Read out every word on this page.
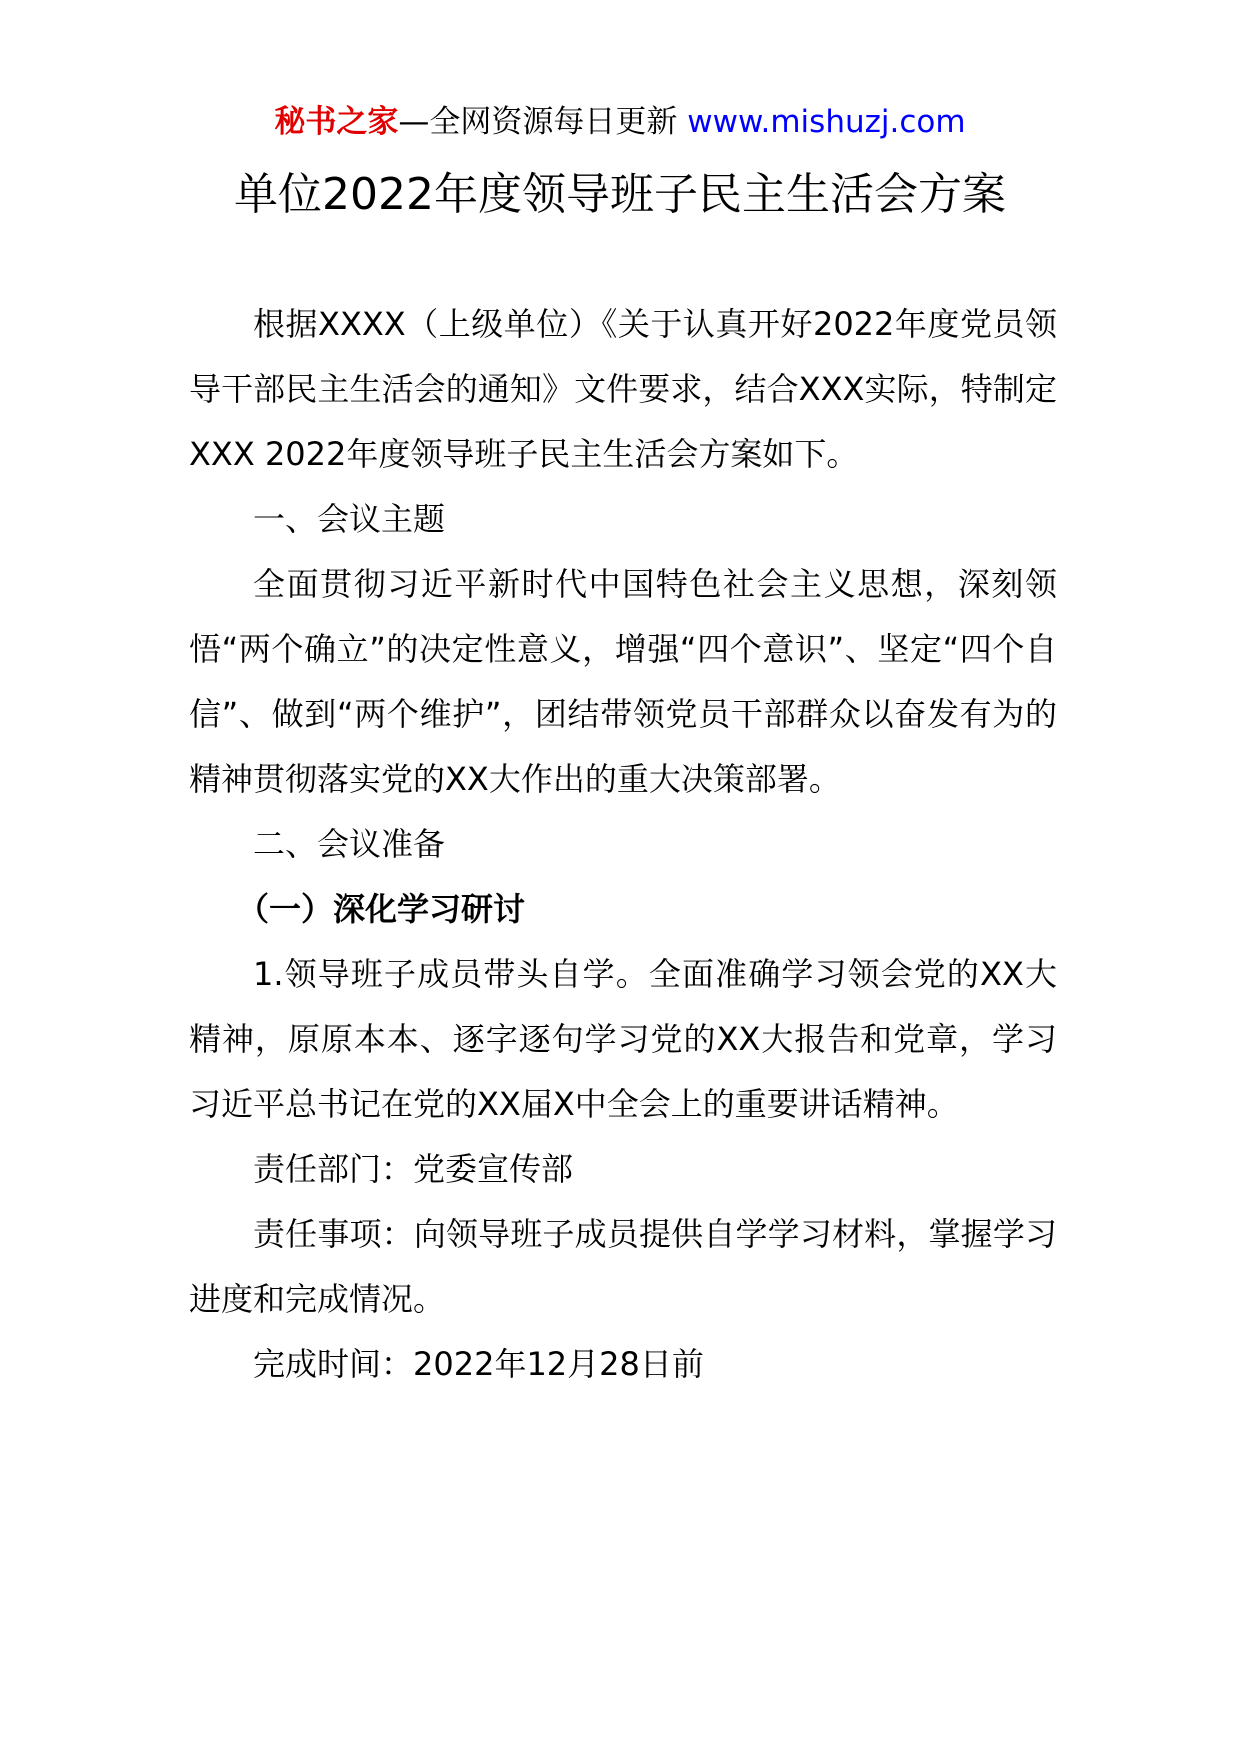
秘书之家—全网资源每日更新 www.mishuzj.com
单位2022年度领导班子民主生活会方案

根据XXXX（上级单位）《关于认真开好2022年度党员领导干部民主生活会的通知》文件要求，结合XXX实际，特制定XXX 2022年度领导班子民主生活会方案如下。

一、会议主题

全面贯彻习近平新时代中国特色社会主义思想，深刻领悟“两个确立”的决定性意义，增强“四个意识”、坚定“四个自信”、做到“两个维护”，团结带领党员干部群众以奋发有为的精神贯彻落实党的XX大作出的重大决策部署。

二、会议准备

（一）深化学习研讨

1.领导班子成员带头自学。全面准确学习领会党的XX大精神，原原本本、逐字逐句学习党的XX大报告和党章，学习习近平总书记在党的XX届X中全会上的重要讲话精神。

责任部门：党委宣传部

责任事项：向领导班子成员提供自学学习材料，掌握学习进度和完成情况。

完成时间：2022年12月28日前
